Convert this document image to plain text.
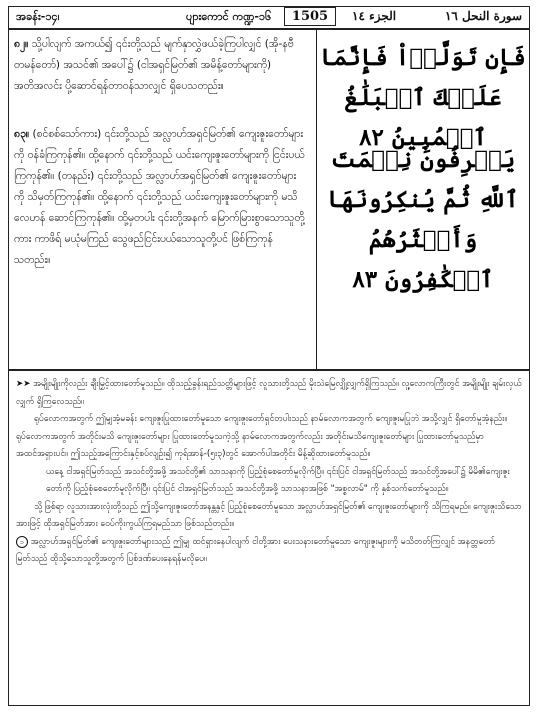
အခန်း-၁၄၊	ပျားကောင် ကဏ္ဍ-၁၆	1505	الجزء ١٤	سورة النحل ١٦
၈၂။ သို့ပါလျက် အကယ်၍ ၎င်းတို့သည် မျက်နှာလွှဲဖယ်ခဲ့ကြပါလျှင် (အို-နဗီတမန်တော်) အသင်၏ အပေါ်၌ (ငါအရှင်မြတ်၏ အမိန့်တော်များကို) အတိအလင်း ပို့ဆောင်ရန်တာဝန်သာလျှင် ရှိပေသတည်း။
فَإِن تَوَلَّوۡاْ فَإِنَّمَا عَلَيۡكَ ٱلۡبَلَٰغُ ٱلۡمُبِينُ ٨٢
၈၃။ (စင်စစ်သော်ကား) ၎င်းတို့သည် အလ္လာဟ်အရှင်မြတ်၏ ကျေးဇူးတော်များကို ဝန်ခံကြကုန်၏။ ထို့နောက် ၎င်းတို့သည် ယင်းကျေးဇူးတော်များကို ငြင်းပယ်ကြကုန်၏။ (တနည်း) ၎င်းတို့သည် အလ္လာဟ်အရှင်မြတ်၏ ကျေးဇူးတော်များကို သိမှတ်ကြကုန်၏။ ထို့နောက် ၎င်းတို့သည် ယင်းကျေးဇူးတော်များကို မသိလေဟန် ဆောင်ကြကုန်၏။ ထို့မှတပါး ၎င်းတို့အနက် မြောက်မြားစွာသောသူတို့ကား ကာဖိရ် မယုံမကြည် သွေဖည်ငြင်းပယ်သောသူတို့ပင် ဖြစ်ကြကုန်သတည်း။
يَعۡرِفُونَ نِعۡمَتَ ٱللَّهِ ثُمَّ يُنكِرُونَهَا وَأَكۡثَرُهُمُ ٱلۡكَٰفِرُونَ ٨٣

➤➤ အမျိုးမျိုးကိုလည်း ချီးမြှင့်ထားတော်မူသည်။ ထိုသည့်ခွန်းရည်သတ္တိများဖြင့် လူသားတို့သည် မိုးသဲမြေလျှို့လျှက်ရှိကြသည်။ လူ့လောကကြီးတွင် အမျိုးမျိုး ချမ်းလှယ်လျှက် ရှိကြလေသည်။

ရုပ်လောကအတွက် ဤမျှအံ့မခန်း ကျေးဇူးပြုထားတော်မူသော ကျေးဇူးတော်ရှင်တပါးသည် နာမ်လောကအတွက် ကျေးဇူးမပြုဘဲ အသို့လျှင် ရှိတော်မူအံ့နည်း။ ရုပ်လောကအတွက် အတိုင်းမသိ ကျေးဇူးတော်များ ပြုထားတော်မူသကဲ့သို့ နာမ်လောကအတွက်လည်း အတိုင်းမသိကျေးဇူးတော်များ ပြုထားတော်မူသည်မှာ အထင်အရှားပင်။ ဤသည့်အကြောင်းနှင့်စပ်လျဉ်း၍ ကုရ်အာန်-(၅း၃)တွင် အောက်ပါအတိုင်း မိန့်ဆိုထားတော်မူသည်။

ယနေ့ ငါအရှင်မြတ်သည် အသင်တို့အဖို့ အသင်တို့၏ သာသနာကို ပြည့်စုံစေတော်မူလိုက်ပြီ။ ၎င်းပြင် ငါအရှင်မြတ်သည် အသင်တို့အပေါ်၌ မိမိ၏ကျေးဇူးတော်ကို ပြည့်စုံစေတော်မူလိုက်ပြီ။ ၎င်းပြင် ငါအရှင်မြတ်သည် အသင်တို့အဖို့ သာသနာအဖြစ် "အစ္စလာမ်" ကို နှစ်သက်တော်မူသည်။

သို့ဖြစ်ရာ လူသားအားလုံးတို့သည် ဤသို့ကျေးဇူးတော်အနန္တနှင့် ပြည့်စုံစေတော်မူသော အလ္လာဟ်အရှင်မြတ်၏ ကျေးဇူးတော်များကို သိကြရမည်။ ကျေးဇူးသိသောအားဖြင့် ထိုအရှင်မြတ်အား ဝေပ်ကိုးကွယ်ကြရမည်သာ ဖြစ်သည်တည်း။

၁ အလ္လာဟ်အရှင်မြတ်၏ ကျေးဇူးတော်များသည် ဤမျှ ထင်ရှားနေပါလျက် ငါတို့အား ပေးသနားတော်မူသော ကျေးဇူးများကို မသိတတ်ကြလျှင် အနတ္တတော်မြတ်သည် ထိုသို့သောသူတို့အတွက် ပြစ်ဒဏ်ပေးနေရန်မလိုပေ။
